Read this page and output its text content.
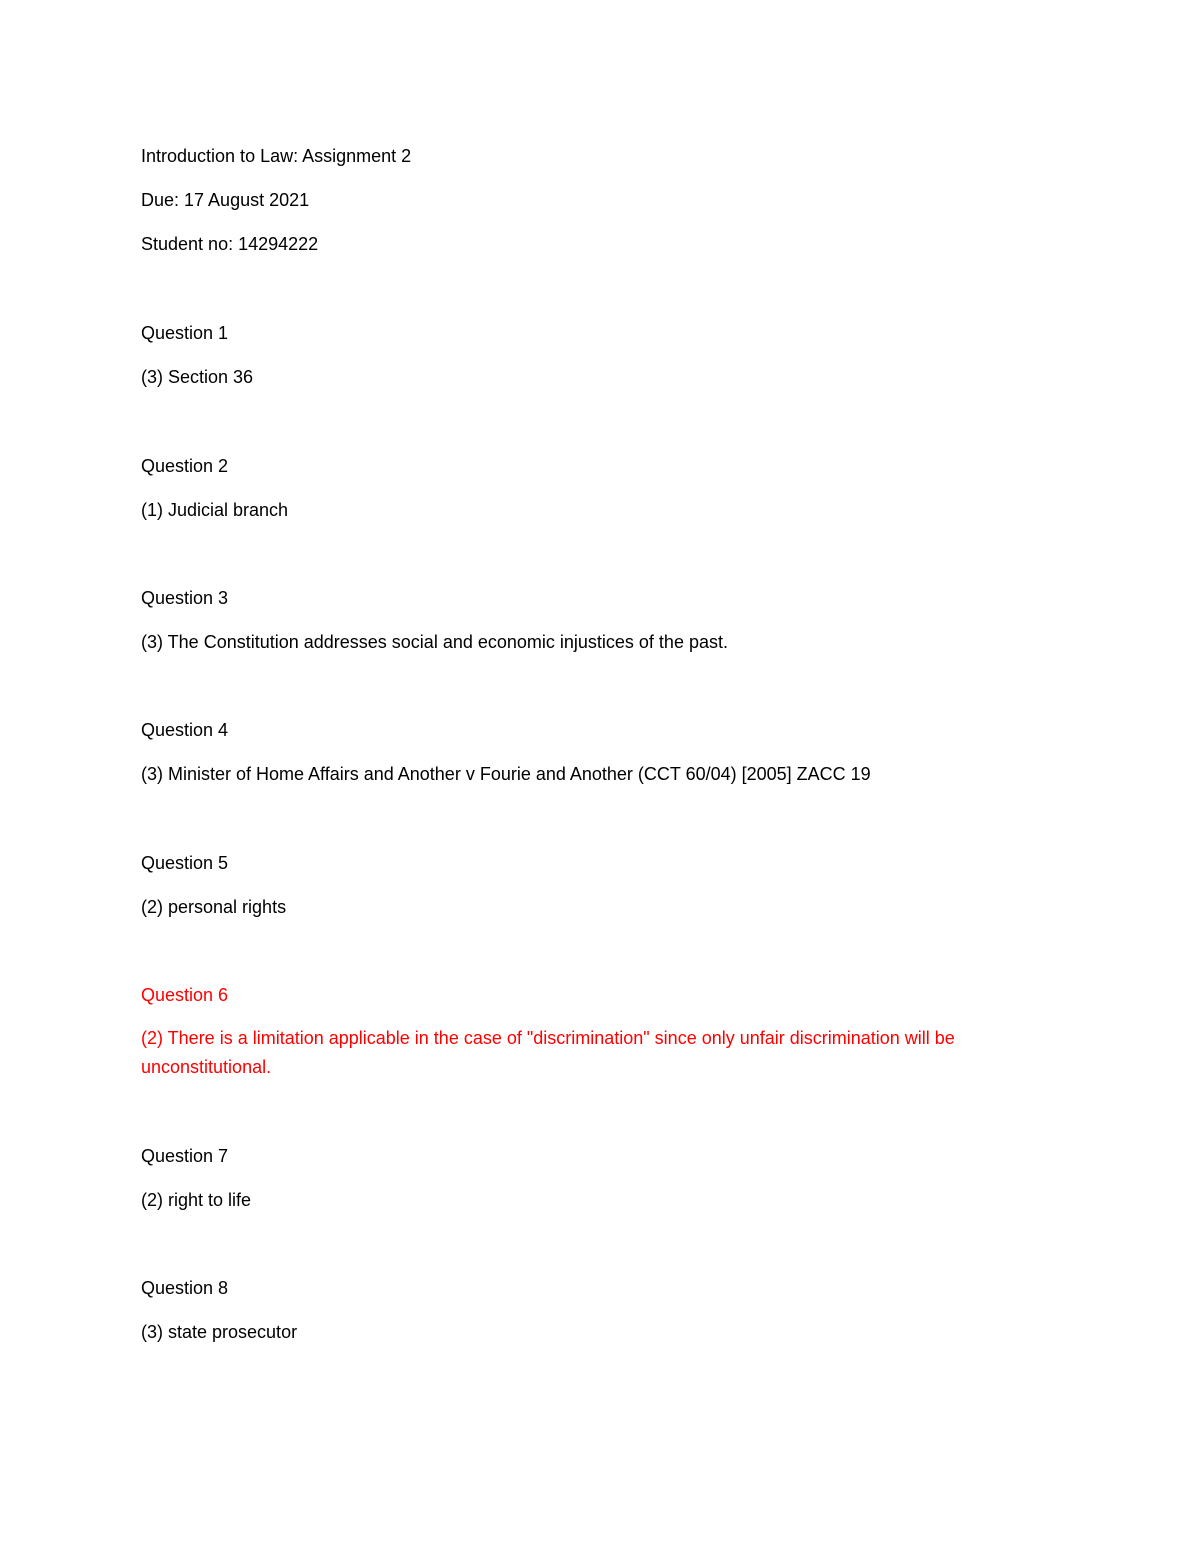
Introduction to Law: Assignment 2
Due: 17 August 2021
Student no: 14294222
Question 1
(3) Section 36
Question 2
(1) Judicial branch
Question 3
(3) The Constitution addresses social and economic injustices of the past.
Question 4
(3) Minister of Home Affairs and Another v Fourie and Another (CCT 60/04) [2005] ZACC 19
Question 5
(2) personal rights
Question 6
(2) There is a limitation applicable in the case of "discrimination" since only unfair discrimination will be unconstitutional.
Question 7
(2) right to life
Question 8
(3) state prosecutor
